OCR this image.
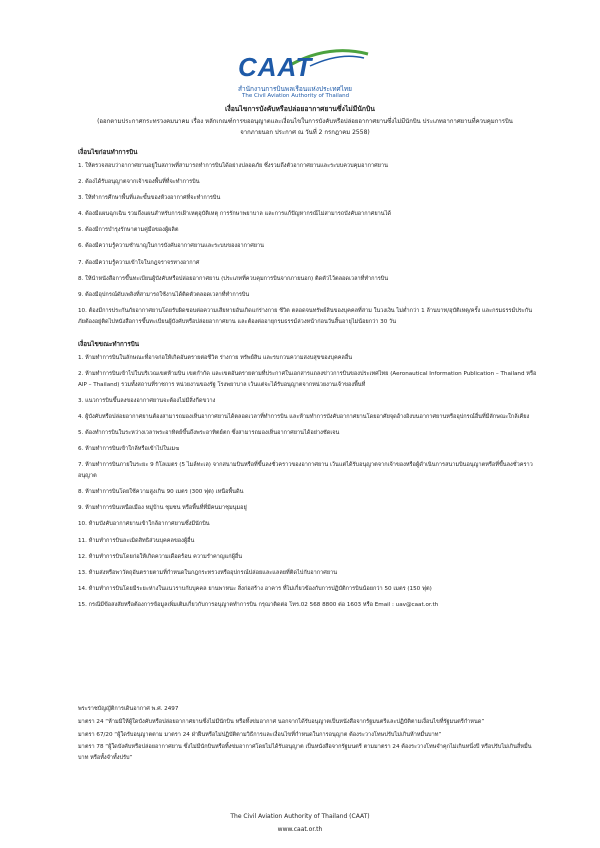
CAAT
สำนักงานการบินพลเรือนแห่งประเทศไทย
The Civil Aviation Authority of Thailand
เงื่อนไขการบังคับหรือปล่อยอากาศยานซึ่งไม่มีนักบิน
(ออกตามประกาศกระทรวงคมนาคม เรื่อง หลักเกณฑ์การขออนุญาตและเงื่อนไขในการบังคับหรือปล่อยอากาศยานซึ่งไม่มีนักบิน ประเภทอากาศยานที่ควบคุมการบินจากภายนอก ประกาศ ณ วันที่ 2 กรกฎาคม 2558)
เงื่อนไขก่อนทำการบิน
1. ให้ตรวจสอบว่าอากาศยานอยู่ในสภาพที่สามารถทำการบินได้อย่างปลอดภัย ซึ่งรวมถึงตัวอากาศยานและระบบควบคุมอากาศยาน
2. ต้องได้รับอนุญาตจากเจ้าของพื้นที่ที่จะทำการบิน
3. ให้ทำการศึกษาพื้นที่และขั้นของห้วงอากาศที่จะทำการบิน
4. ต้องมีแผนฉุกเฉิน รวมถึงแผนสำหรับการเฝ้าเหตุอุบัติเหตุ การรักษาพยาบาล และการแก้ปัญหากรณีไม่สามารถบังคับอากาศยานได้
5. ต้องมีการบำรุงรักษาตามคู่มือของผู้ผลิต
6. ต้องมีความรู้ความชำนาญในการบังคับอากาศยานและระบบของอากาศยาน
7. ต้องมีความรู้ความเข้าใจในกฎจราจรทางอากาศ
8. ให้นำหนังสือการขึ้นทะเบียนผู้บังคับหรือปล่อยอากาศยาน (ประเภทที่ควบคุมการบินจากภายนอก) ติดตัวไว้ตลอดเวลาที่ทำการบิน
9. ต้องมีอุปกรณ์ดับเพลิงที่สามารถใช้งานได้ติดตัวตลอดเวลาที่ทำการบิน
10. ต้องมีการประกันภัยอากาศยานโดยรับผิดชอบต่อความเสียหายอันเกิดแก่ร่างกาย ชีวิต ตลอดจนทรัพย์สินของบุคคลที่สาม ในวงเงิน ไม่ต่ำกว่า 1 ล้านบาท/อุบัติเหตุ/ครั้ง และกรมธรรม์ประกันภัยต้องอยู่ติดไปหนังสือการขึ้นทะเบียนผู้บังคับหรือปล่อยอากาศยาน และต้องต่ออายุกรมธรรม์ล่วงหน้าก่อนวันสิ้นอายุไม่น้อยกว่า 30 วัน
เงื่อนไขขณะทำการบิน
1. ห้ามทำการบินในลักษณะที่อาจก่อให้เกิดอันตรายต่อชีวิต ร่างกาย ทรัพย์สิน และรบกวนความสงบสุขของบุคคลอื่น
2. ห้ามทำการบินเข้าไปในบริเวณเขตห้ามบิน เขตกำกัด และเขตอันตรายตามที่ประกาศในเอกสารแถลงข่าวการบินของประเทศไทย (Aeronautical Information Publication – Thailand หรือ AIP – Thailand) รวมทั้งสถานที่ราชการ หน่วยงานของรัฐ โรงพยาบาล เว้นแต่จะได้รับอนุญาตจากหน่วยงานเจ้าของพื้นที่
3. แนวการบินขึ้นลงของอากาศยานจะต้องไม่มีสิ่งกีดขวาง
4. ผู้บังคับหรือปล่อยอากาศยานต้องสามารถมองเห็นอากาศยานได้ตลอดเวลาที่ทำการบิน และห้ามทำการบังคับอากาศยานโดยอาศัยจุดอ้างอิงบนอากาศยานหรืออุปกรณ์อื่นที่มีลักษณะใกล้เคียง
5. ต้องทำการบินในระหว่างเวลาพระอาทิตย์ขึ้นถึงพระอาทิตย์ตก ซึ่งสามารถมองเห็นอากาศยานได้อย่างชัดเจน
6. ห้ามทำการบินเข้าใกล้หรือเข้าไปในเมฆ
7. ห้ามทำการบินภายในระยะ 9 กิโลเมตร (5 ไมล์ทะเล) จากสนามบินหรือที่ขึ้นลงชั่วคราวของอากาศยาน เว้นแต่ได้รับอนุญาตจากเจ้าของหรือผู้ดำเนินการสนามบินอนุญาตหรือที่ขึ้นลงชั่วคราวอนุญาต
8. ห้ามทำการบินโดยใช้ความสูงเกิน 90 เมตร (300 ฟุต) เหนือพื้นดิน
9. ห้ามทำการบินเหนือเมือง หมู่บ้าน ชุมชน หรือพื้นที่ที่มีคนมาชุมนุมอยู่
10. ห้ามบังคับอากาศยานเข้าใกล้อากาศยานซึ่งมีนักบิน
11. ห้ามทำการบินละเมิดสิทธิส่วนบุคคลของผู้อื่น
12. ห้ามทำการบินโดยก่อให้เกิดความเดือดร้อน ความรำคาญแก่ผู้อื่น
13. ห้ามส่งหรือพาวัตถุอันตรายตามที่กำหนดในกฎกระทรวงหรืออุปกรณ์ปล่อยและแลลยที่ติดไปกับอากาศยาน
14. ห้ามทำการบินโดยมีระยะห่างในแนวราบกับบุคคล ยานพาหนะ สิ่งก่อสร้าง อาคาร ที่ไม่เกี่ยวข้องกับการปฏิบัติการบินน้อยกว่า 50 เมตร (150 ฟุต)
15. กรณีมีข้อสงสัยหรือต้องการข้อมูลเพิ่มเติมเกี่ยวกับการอนุญาตทำการบิน กรุณาติดต่อ โทร.02 568 8800 ต่อ 1603 หรือ Email : uav@caat.or.th

พระราชบัญญัติการเดินอากาศ พ.ศ. 2497

มาตรา 24 “ห้ามมิให้ผู้ใดบังคับหรือปล่อยอากาศยานซึ่งไม่มีนักบิน หรือทิ้งข่มอากาศ นอกจากได้รับอนุญาตเป็นหนังสือจากรัฐมนตรีและปฏิบัติตามเงื่อนไขที่รัฐมนตรีกำหนด”

มาตรา 67/20 “ผู้ใดรับอนุญาตตาม มาตรา 24 ฝ่าฝืนหรือไม่ปฏิบัติตามวิธีการและเงื่อนไขที่กำหนดในการอนุญาต ต้องระวางโทษปรับไม่เกินห้าหมื่นบาท”

มาตรา 78 “ผู้ใดบังคับหรือปล่อยอากาศยาน ซึ่งไม่มีนักบินหรือทิ้งข่มอากาศโดยไม่ได้รับอนุญาต เป็นหนังสือจากรัฐมนตรี ตามมาตรา 24 ต้องระวางโทษจำคุกไม่เกินหนึ่งปี หรือปรับไม่เกินสี่หมื่นบาท หรือทั้งจำทั้งปรับ”

The Civil Aviation Authority of Thailand (CAAT)
www.caat.or.th
